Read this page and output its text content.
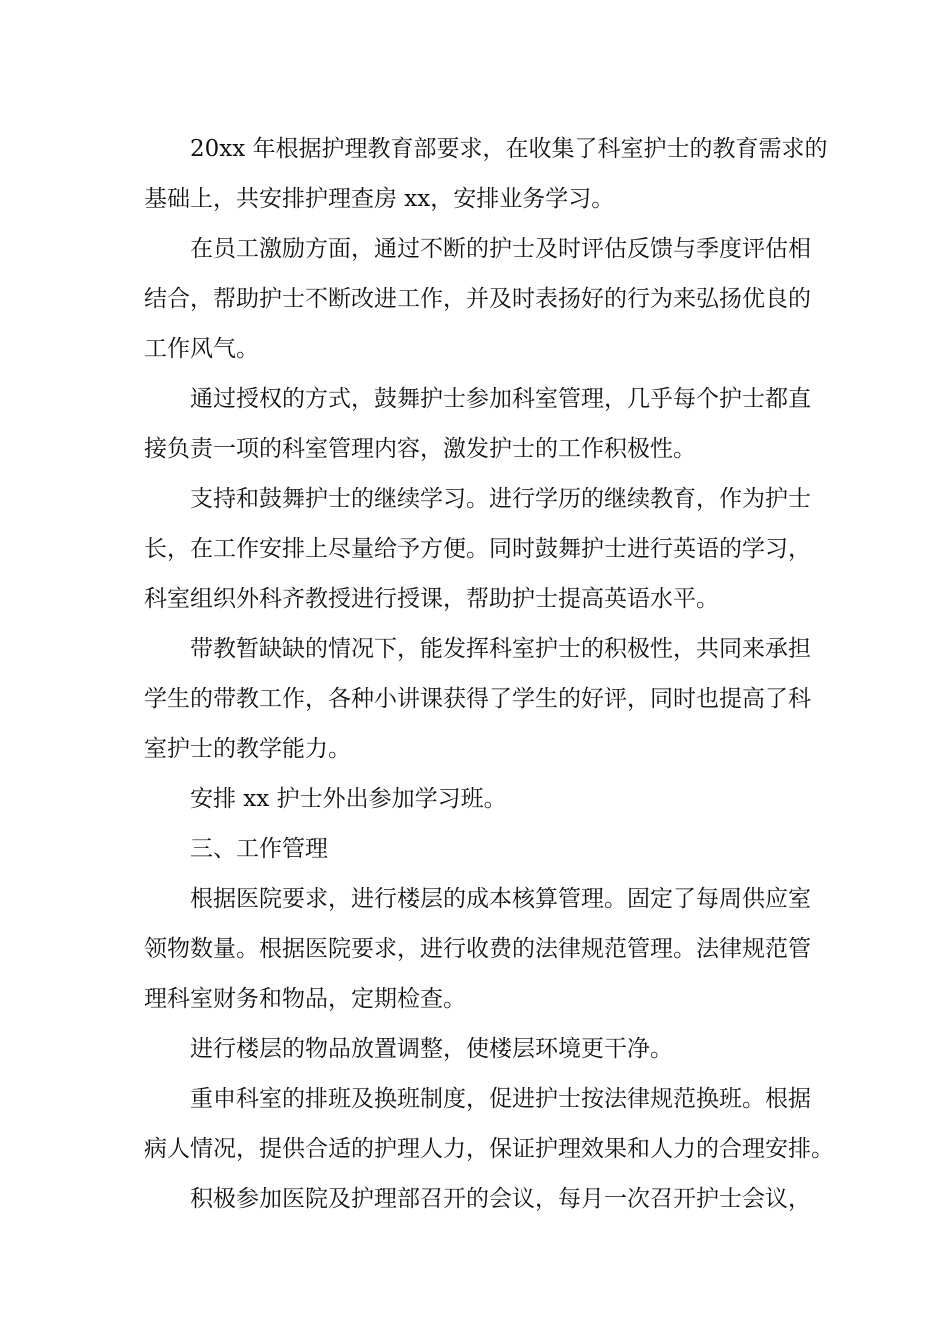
20xx 年根据护理教育部要求，在收集了科室护士的教育需求的
基础上，共安排护理查房 xx，安排业务学习。

在员工激励方面，通过不断的护士及时评估反馈与季度评估相
结合，帮助护士不断改进工作，并及时表扬好的行为来弘扬优良的
工作风气。

通过授权的方式，鼓舞护士参加科室管理，几乎每个护士都直
接负责一项的科室管理内容，激发护士的工作积极性。

支持和鼓舞护士的继续学习。进行学历的继续教育，作为护士
长，在工作安排上尽量给予方便。同时鼓舞护士进行英语的学习，
科室组织外科齐教授进行授课，帮助护士提高英语水平。

带教暂缺缺的情况下，能发挥科室护士的积极性，共同来承担
学生的带教工作，各种小讲课获得了学生的好评，同时也提高了科
室护士的教学能力。

安排 xx 护士外出参加学习班。

三、工作管理

根据医院要求，进行楼层的成本核算管理。固定了每周供应室
领物数量。根据医院要求，进行收费的法律规范管理。法律规范管
理科室财务和物品，定期检查。

进行楼层的物品放置调整，使楼层环境更干净。

重申科室的排班及换班制度，促进护士按法律规范换班。根据
病人情况，提供合适的护理人力，保证护理效果和人力的合理安排。

积极参加医院及护理部召开的会议，每月一次召开护士会议，
